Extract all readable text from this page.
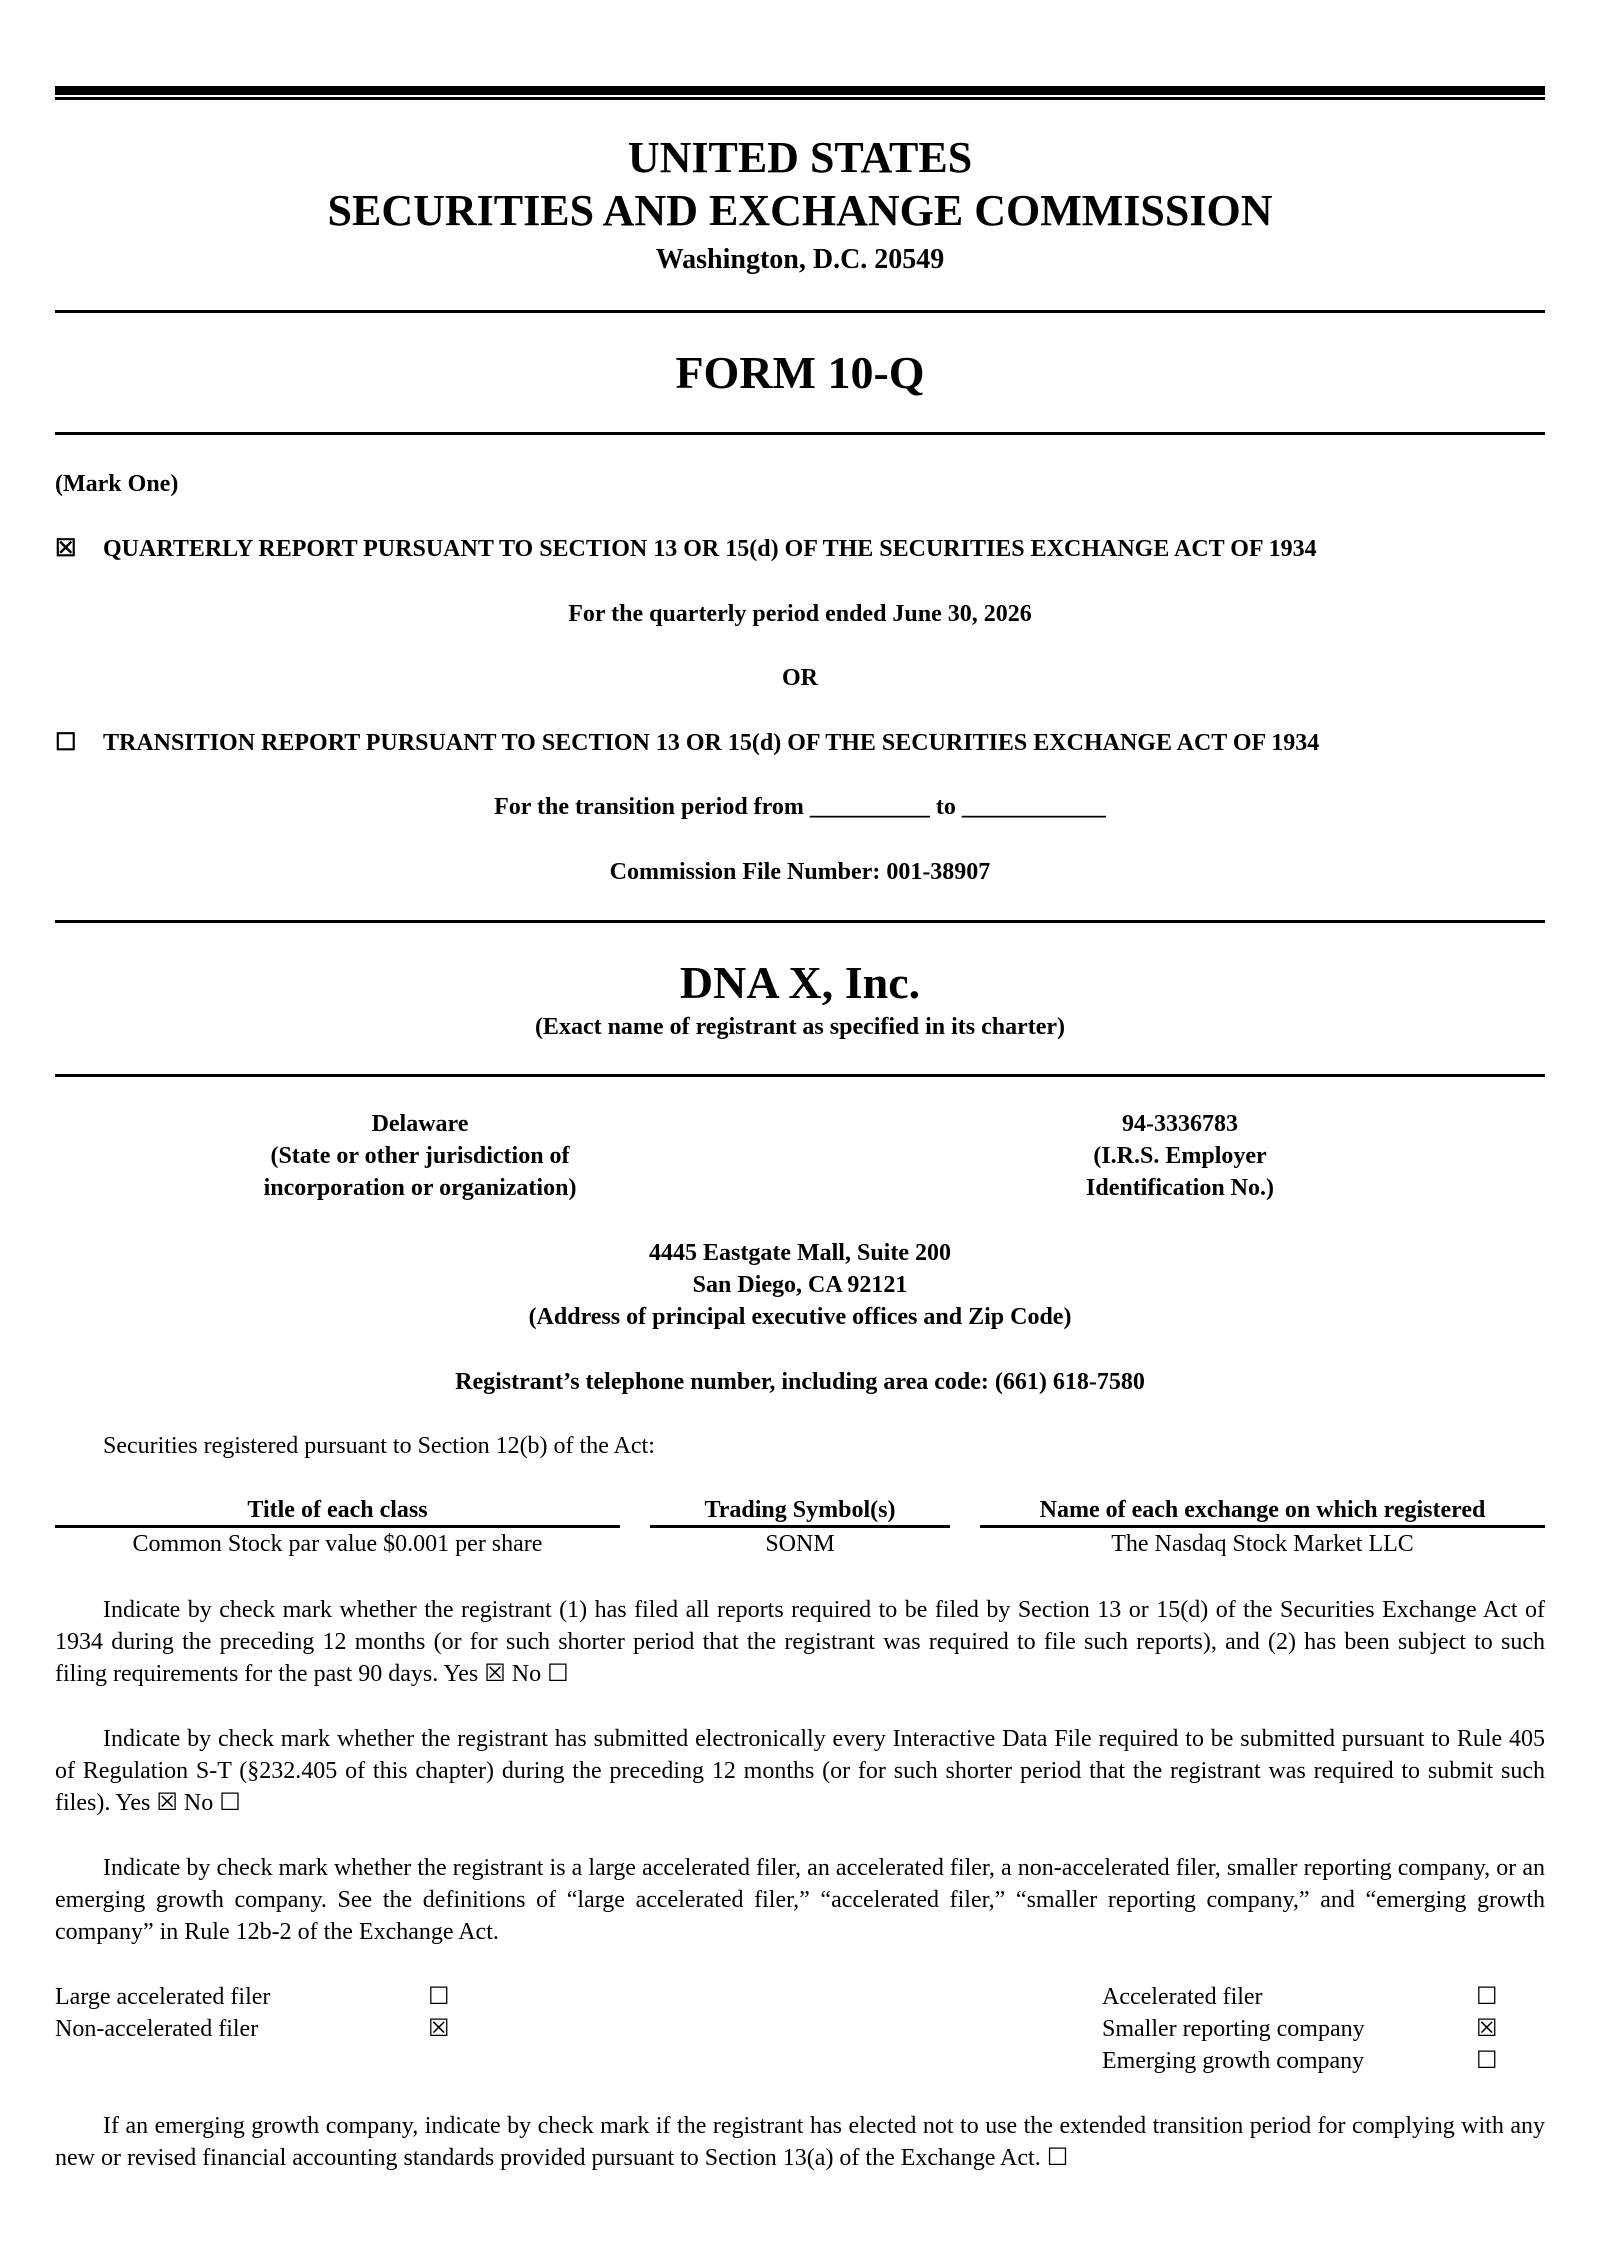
UNITED STATES
SECURITIES AND EXCHANGE COMMISSION
Washington, D.C. 20549
FORM 10-Q
(Mark One)
☒ QUARTERLY REPORT PURSUANT TO SECTION 13 OR 15(d) OF THE SECURITIES EXCHANGE ACT OF 1934
For the quarterly period ended June 30, 2026
OR
☐ TRANSITION REPORT PURSUANT TO SECTION 13 OR 15(d) OF THE SECURITIES EXCHANGE ACT OF 1934
For the transition period from __________ to ____________
Commission File Number: 001-38907
DNA X, Inc.
(Exact name of registrant as specified in its charter)
Delaware
(State or other jurisdiction of
incorporation or organization)
94-3336783
(I.R.S. Employer
Identification No.)
4445 Eastgate Mall, Suite 200
San Diego, CA 92121
(Address of principal executive offices and Zip Code)
Registrant’s telephone number, including area code: (661) 618-7580
Securities registered pursuant to Section 12(b) of the Act:
Title of each class	Trading Symbol(s)	Name of each exchange on which registered
Common Stock par value $0.001 per share	SONM	The Nasdaq Stock Market LLC
Indicate by check mark whether the registrant (1) has filed all reports required to be filed by Section 13 or 15(d) of the Securities Exchange Act of 1934 during the preceding 12 months (or for such shorter period that the registrant was required to file such reports), and (2) has been subject to such filing requirements for the past 90 days. Yes ☒ No ☐
Indicate by check mark whether the registrant has submitted electronically every Interactive Data File required to be submitted pursuant to Rule 405 of Regulation S-T (§232.405 of this chapter) during the preceding 12 months (or for such shorter period that the registrant was required to submit such files). Yes ☒ No ☐
Indicate by check mark whether the registrant is a large accelerated filer, an accelerated filer, a non-accelerated filer, smaller reporting company, or an emerging growth company. See the definitions of “large accelerated filer,” “accelerated filer,” “smaller reporting company,” and “emerging growth company” in Rule 12b-2 of the Exchange Act.
Large accelerated filer	☐
Non-accelerated filer	☒
Accelerated filer	☐
Smaller reporting company	☒
Emerging growth company	☐
If an emerging growth company, indicate by check mark if the registrant has elected not to use the extended transition period for complying with any new or revised financial accounting standards provided pursuant to Section 13(a) of the Exchange Act. ☐
